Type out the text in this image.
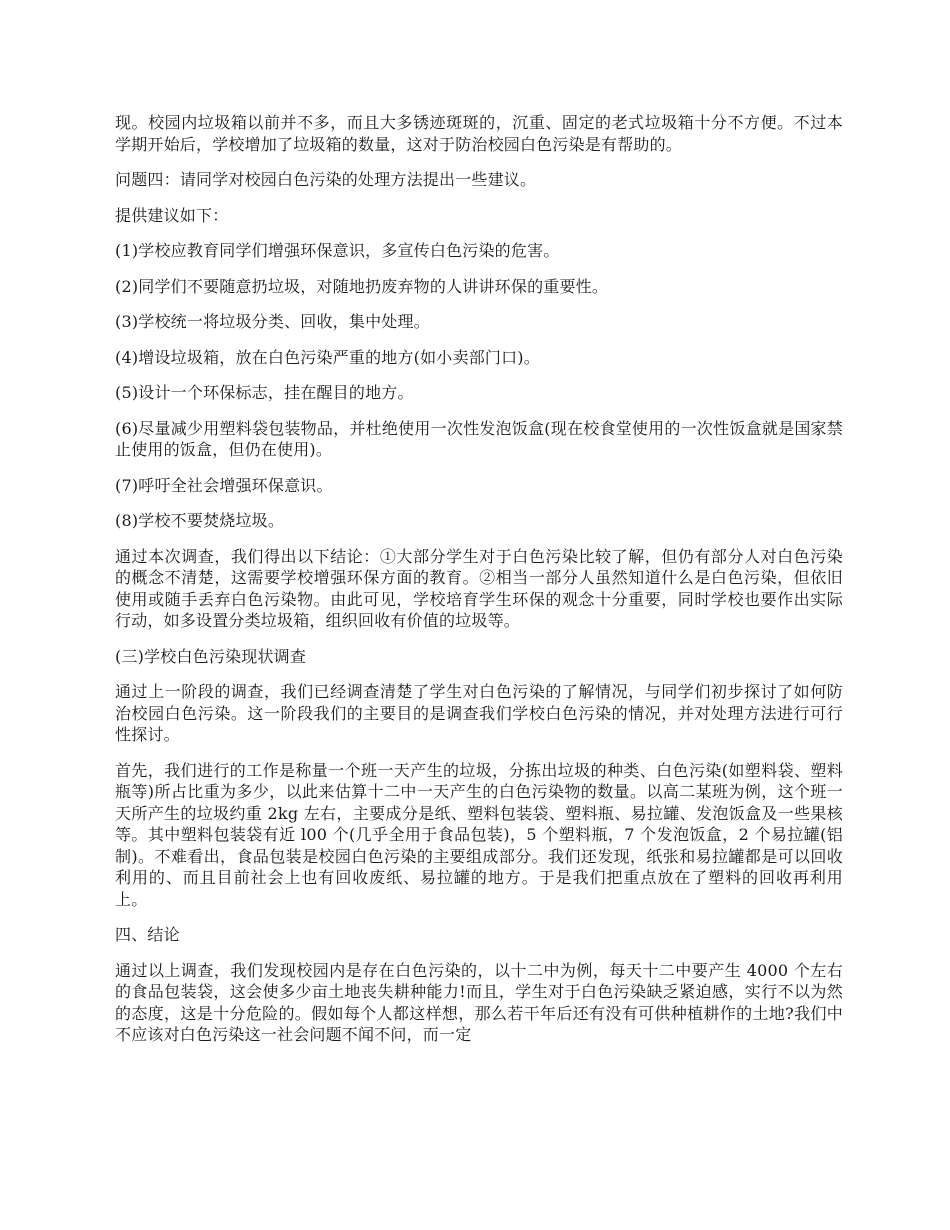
现。校园内垃圾箱以前并不多，而且大多锈迹斑斑的，沉重、固定的老式垃圾箱十分不方便。不过本学期开始后，学校增加了垃圾箱的数量，这对于防治校园白色污染是有帮助的。

问题四：请同学对校园白色污染的处理方法提出一些建议。

提供建议如下：

(1)学校应教育同学们增强环保意识，多宣传白色污染的危害。

(2)同学们不要随意扔垃圾，对随地扔废弃物的人讲讲环保的重要性。

(3)学校统一将垃圾分类、回收，集中处理。

(4)增设垃圾箱，放在白色污染严重的地方(如小卖部门口)。

(5)设计一个环保标志，挂在醒目的地方。

(6)尽量减少用塑料袋包装物品，并杜绝使用一次性发泡饭盒(现在校食堂使用的一次性饭盒就是国家禁止使用的饭盒，但仍在使用)。

(7)呼吁全社会增强环保意识。

(8)学校不要焚烧垃圾。

通过本次调查，我们得出以下结论：①大部分学生对于白色污染比较了解，但仍有部分人对白色污染的概念不清楚，这需要学校增强环保方面的教育。②相当一部分人虽然知道什么是白色污染，但依旧使用或随手丢弃白色污染物。由此可见，学校培育学生环保的观念十分重要，同时学校也要作出实际行动，如多设置分类垃圾箱，组织回收有价值的垃圾等。

(三)学校白色污染现状调查

通过上一阶段的调查，我们已经调查清楚了学生对白色污染的了解情况，与同学们初步探讨了如何防治校园白色污染。这一阶段我们的主要目的是调查我们学校白色污染的情况，并对处理方法进行可行性探讨。

首先，我们进行的工作是称量一个班一天产生的垃圾，分拣出垃圾的种类、白色污染(如塑料袋、塑料瓶等)所占比重为多少，以此来估算十二中一天产生的白色污染物的数量。以高二某班为例，这个班一天所产生的垃圾约重 2kg 左右，主要成分是纸、塑料包装袋、塑料瓶、易拉罐、发泡饭盒及一些果核等。其中塑料包装袋有近 l00 个(几乎全用于食品包装)，5 个塑料瓶，7 个发泡饭盒，2 个易拉罐(铝制)。不难看出，食品包装是校园白色污染的主要组成部分。我们还发现，纸张和易拉罐都是可以回收利用的、而且目前社会上也有回收废纸、易拉罐的地方。于是我们把重点放在了塑料的回收再利用上。

四、结论

通过以上调查，我们发现校园内是存在白色污染的，以十二中为例，每天十二中要产生 4000 个左右的食品包装袋，这会使多少亩土地丧失耕种能力!而且，学生对于白色污染缺乏紧迫感，实行不以为然的态度，这是十分危险的。假如每个人都这样想，那么若干年后还有没有可供种植耕作的土地?我们中不应该对白色污染这一社会问题不闻不问，而一定
